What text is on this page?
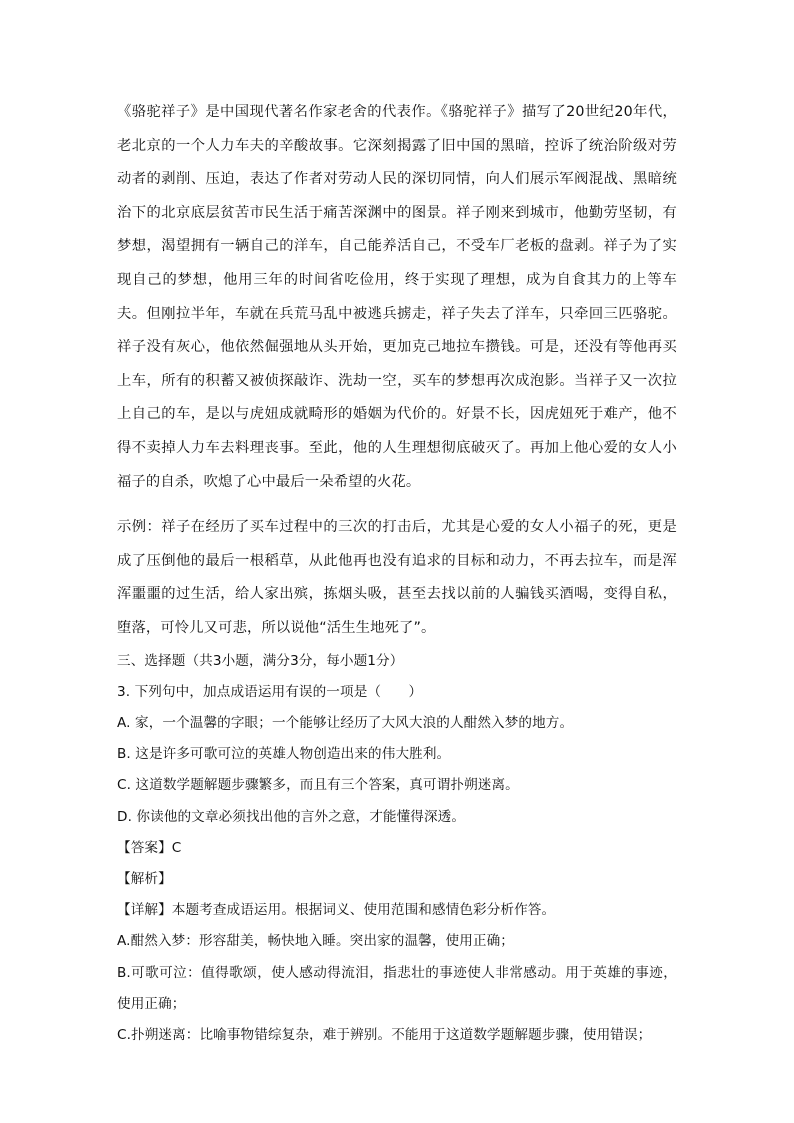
《骆驼祥子》是中国现代著名作家老舍的代表作。《骆驼祥子》描写了20世纪20年代，老北京的一个人力车夫的辛酸故事。它深刻揭露了旧中国的黑暗，控诉了统治阶级对劳动者的剥削、压迫，表达了作者对劳动人民的深切同情，向人们展示军阀混战、黑暗统治下的北京底层贫苦市民生活于痛苦深渊中的图景。祥子刚来到城市，他勤劳坚韧，有梦想，渴望拥有一辆自己的洋车，自己能养活自己，不受车厂老板的盘剥。祥子为了实现自己的梦想，他用三年的时间省吃俭用，终于实现了理想，成为自食其力的上等车夫。但刚拉半年，车就在兵荒马乱中被逃兵掳走，祥子失去了洋车，只牵回三匹骆驼。祥子没有灰心，他依然倔强地从头开始，更加克己地拉车攒钱。可是，还没有等他再买上车，所有的积蓄又被侦探敲诈、洗劫一空，买车的梦想再次成泡影。当祥子又一次拉上自己的车，是以与虎妞成就畸形的婚姻为代价的。好景不长，因虎妞死于难产，他不得不卖掉人力车去料理丧事。至此，他的人生理想彻底破灭了。再加上他心爱的女人小福子的自杀，吹熄了心中最后一朵希望的火花。

示例：祥子在经历了买车过程中的三次的打击后，尤其是心爱的女人小福子的死，更是成了压倒他的最后一根稻草，从此他再也没有追求的目标和动力，不再去拉车，而是浑浑噩噩的过生活，给人家出殡，拣烟头吸，甚至去找以前的人骗钱买酒喝，变得自私，堕落，可怜儿又可悲，所以说他“活生生地死了”。

三、选择题（共3小题，满分3分，每小题1分）

3. 下列句中，加点成语运用有误的一项是（　　）

A. 家，一个温馨的字眼；一个能够让经历了大风大浪的人酣然入梦的地方。

B. 这是许多可歌可泣的英雄人物创造出来的伟大胜利。

C. 这道数学题解题步骤繁多，而且有三个答案，真可谓扑朔迷离。

D. 你读他的文章必须找出他的言外之意，才能懂得深透。

【答案】C

【解析】

【详解】本题考查成语运用。根据词义、使用范围和感情色彩分析作答。

A.酣然入梦：形容甜美，畅快地入睡。突出家的温馨，使用正确；

B.可歌可泣：值得歌颂，使人感动得流泪，指悲壮的事迹使人非常感动。用于英雄的事迹，使用正确；

C.扑朔迷离：比喻事物错综复杂，难于辨别。不能用于这道数学题解题步骤，使用错误；
